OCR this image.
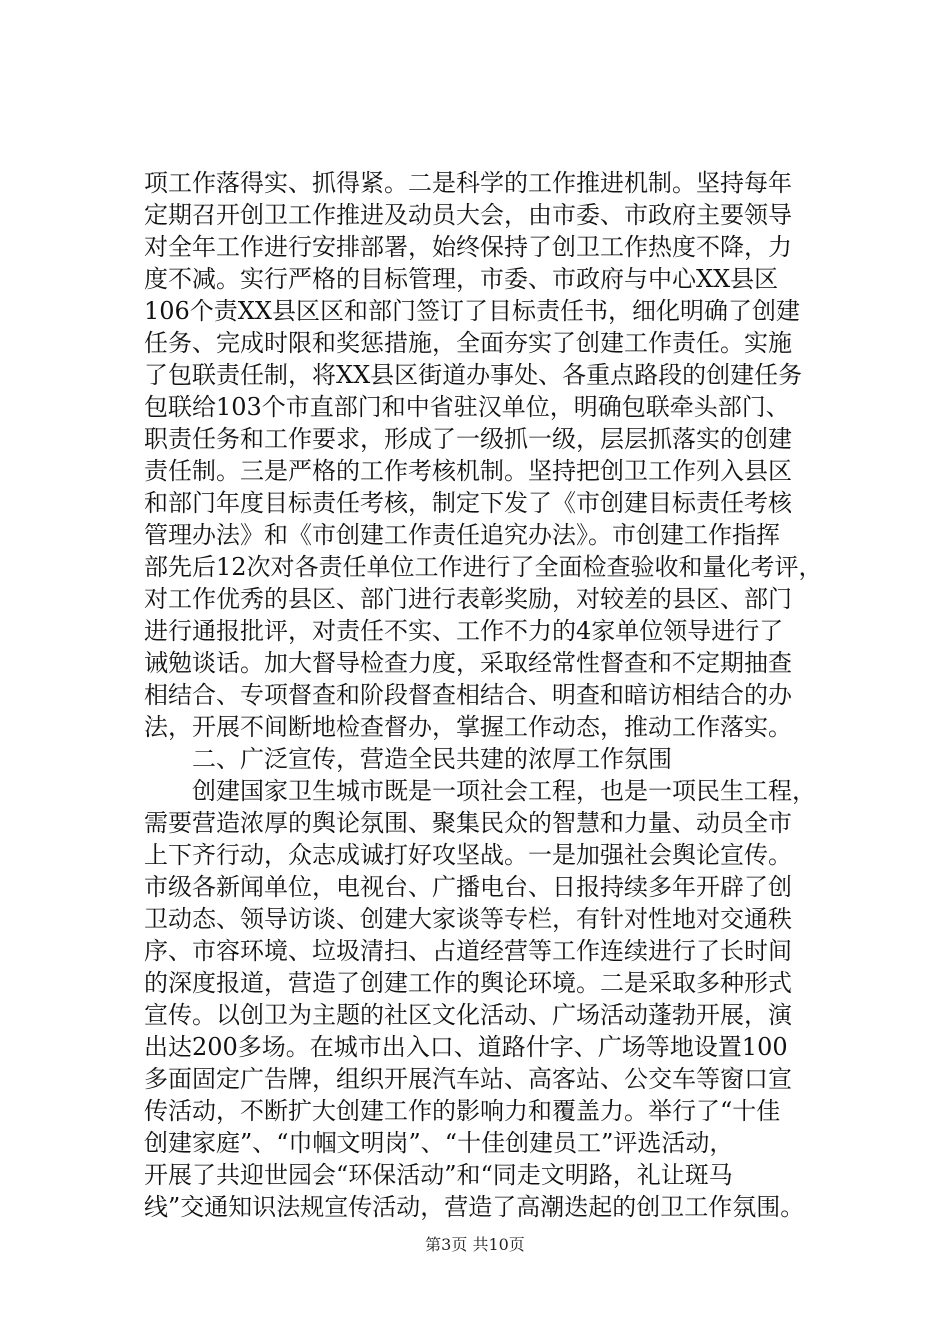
项工作落得实、抓得紧。二是科学的工作推进机制。坚持每年
定期召开创卫工作推进及动员大会，由市委、市政府主要领导
对全年工作进行安排部署，始终保持了创卫工作热度不降，力
度不减。实行严格的目标管理，市委、市政府与中心XX县区
106个责XX县区区和部门签订了目标责任书，细化明确了创建
任务、完成时限和奖惩措施，全面夯实了创建工作责任。实施
了包联责任制，将XX县区街道办事处、各重点路段的创建任务
包联给103个市直部门和中省驻汉单位，明确包联牵头部门、
职责任务和工作要求，形成了一级抓一级，层层抓落实的创建
责任制。三是严格的工作考核机制。坚持把创卫工作列入县区
和部门年度目标责任考核，制定下发了《市创建目标责任考核
管理办法》和《市创建工作责任追究办法》。市创建工作指挥
部先后12次对各责任单位工作进行了全面检查验收和量化考评，
对工作优秀的县区、部门进行表彰奖励，对较差的县区、部门
进行通报批评，对责任不实、工作不力的4家单位领导进行了
诫勉谈话。加大督导检查力度，采取经常性督查和不定期抽查
相结合、专项督查和阶段督查相结合、明查和暗访相结合的办
法，开展不间断地检查督办，掌握工作动态，推动工作落实。
　　二、广泛宣传，营造全民共建的浓厚工作氛围
　　创建国家卫生城市既是一项社会工程，也是一项民生工程，
需要营造浓厚的舆论氛围、聚集民众的智慧和力量、动员全市
上下齐行动，众志成诚打好攻坚战。一是加强社会舆论宣传。
市级各新闻单位，电视台、广播电台、日报持续多年开辟了创
卫动态、领导访谈、创建大家谈等专栏，有针对性地对交通秩
序、市容环境、垃圾清扫、占道经营等工作连续进行了长时间
的深度报道，营造了创建工作的舆论环境。二是采取多种形式
宣传。以创卫为主题的社区文化活动、广场活动蓬勃开展，演
出达200多场。在城市出入口、道路什字、广场等地设置100
多面固定广告牌，组织开展汽车站、高客站、公交车等窗口宣
传活动，不断扩大创建工作的影响力和覆盖力。举行了“十佳
创建家庭”、“巾帼文明岗”、“十佳创建员工”评选活动，
开展了共迎世园会“环保活动”和“同走文明路，礼让斑马
线”交通知识法规宣传活动，营造了高潮迭起的创卫工作氛围。
第3页 共10页
